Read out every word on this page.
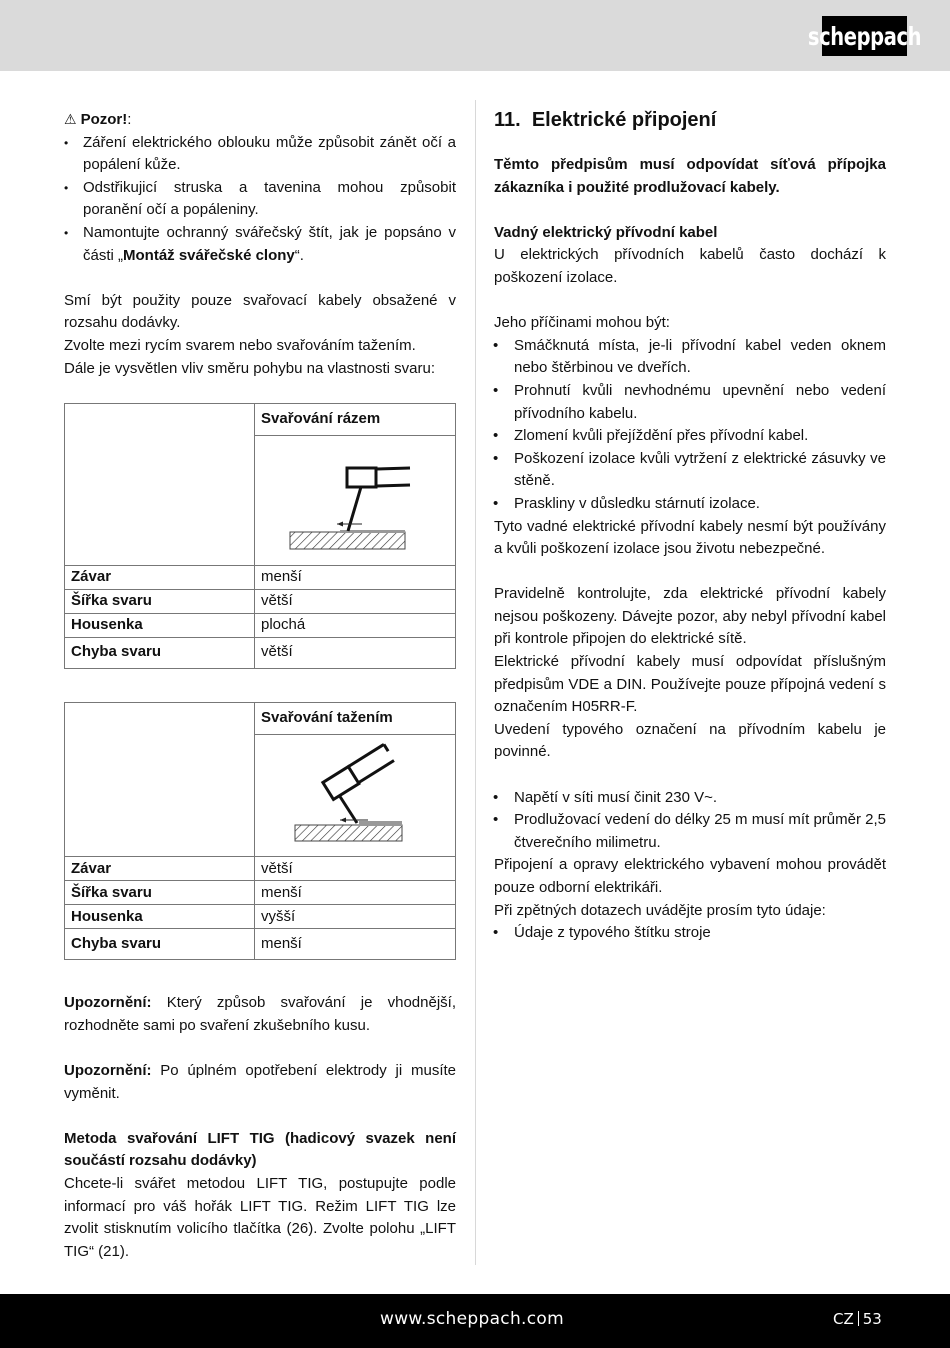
scheppach

⚠ Pozor!:

• Záření elektrického oblouku může způsobit zánět očí a popálení kůže.
• Odstřikujicí struska a tavenina mohou způsobit poranění očí a popáleniny.
• Namontujte ochranný svářečský štít, jak je popsáno v části „Montáž svářečské clony“.

Smí být použity pouze svařovací kabely obsažené v rozsahu dodávky.

Zvolte mezi rycím svarem nebo svařováním tažením.

Dále je vysvětlen vliv směru pohybu na vlastnosti svaru:

	Svařování rázem

Závar	menší
Šířka svaru	větší
Housenka	plochá
Chyba svaru	větší
	Svařování tažením

Závar	větší
Šířka svaru	menší
Housenka	vyšší
Chyba svaru	menší

Upozornění: Který způsob svařování je vhodnější, rozhodněte sami po svaření zkušebního kusu.

Upozornění: Po úplném opotřebení elektrody ji musíte vyměnit.

Metoda svařování LIFT TIG (hadicový svazek není součástí rozsahu dodávky)

Chcete-li svářet metodou LIFT TIG, postupujte podle informací pro váš hořák LIFT TIG. Režim LIFT TIG lze zvolit stisknutím volicího tlačítka (26). Zvolte polohu „LIFT TIG“ (21).

11.  Elektrické připojení

Těmto předpisům musí odpovídat síťová přípojka zákazníka i použité prodlužovací kabely.

Vadný elektrický přívodní kabel

U elektrických přívodních kabelů často dochází k poškození izolace.

Jeho příčinami mohou být:

• Smáčknutá místa, je-li přívodní kabel veden oknem nebo štěrbinou ve dveřích.
• Prohnutí kvůli nevhodnému upevnění nebo vedení přívodního kabelu.
• Zlomení kvůli přejíždění přes přívodní kabel.
• Poškození izolace kvůli vytržení z elektrické zásuvky ve stěně.
• Praskliny v důsledku stárnutí izolace.

Tyto vadné elektrické přívodní kabely nesmí být používány a kvůli poškození izolace jsou životu nebezpečné.

Pravidelně kontrolujte, zda elektrické přívodní kabely nejsou poškozeny. Dávejte pozor, aby nebyl přívodní kabel při kontrole připojen do elektrické sítě.

Elektrické přívodní kabely musí odpovídat příslušným předpisům VDE a DIN. Používejte pouze přípojná vedení s označením H05RR-F.

Uvedení typového označení na přívodním kabelu je povinné.

• Napětí v síti musí činit 230 V~.
• Prodlužovací vedení do délky 25 m musí mít průměr 2,5 čtverečního milimetru.

Připojení a opravy elektrického vybavení mohou provádět pouze odborní elektrikáři.

Při zpětných dotazech uvádějte prosím tyto údaje:

• Údaje z typového štítku stroje
www.scheppach.com	CZ 53
